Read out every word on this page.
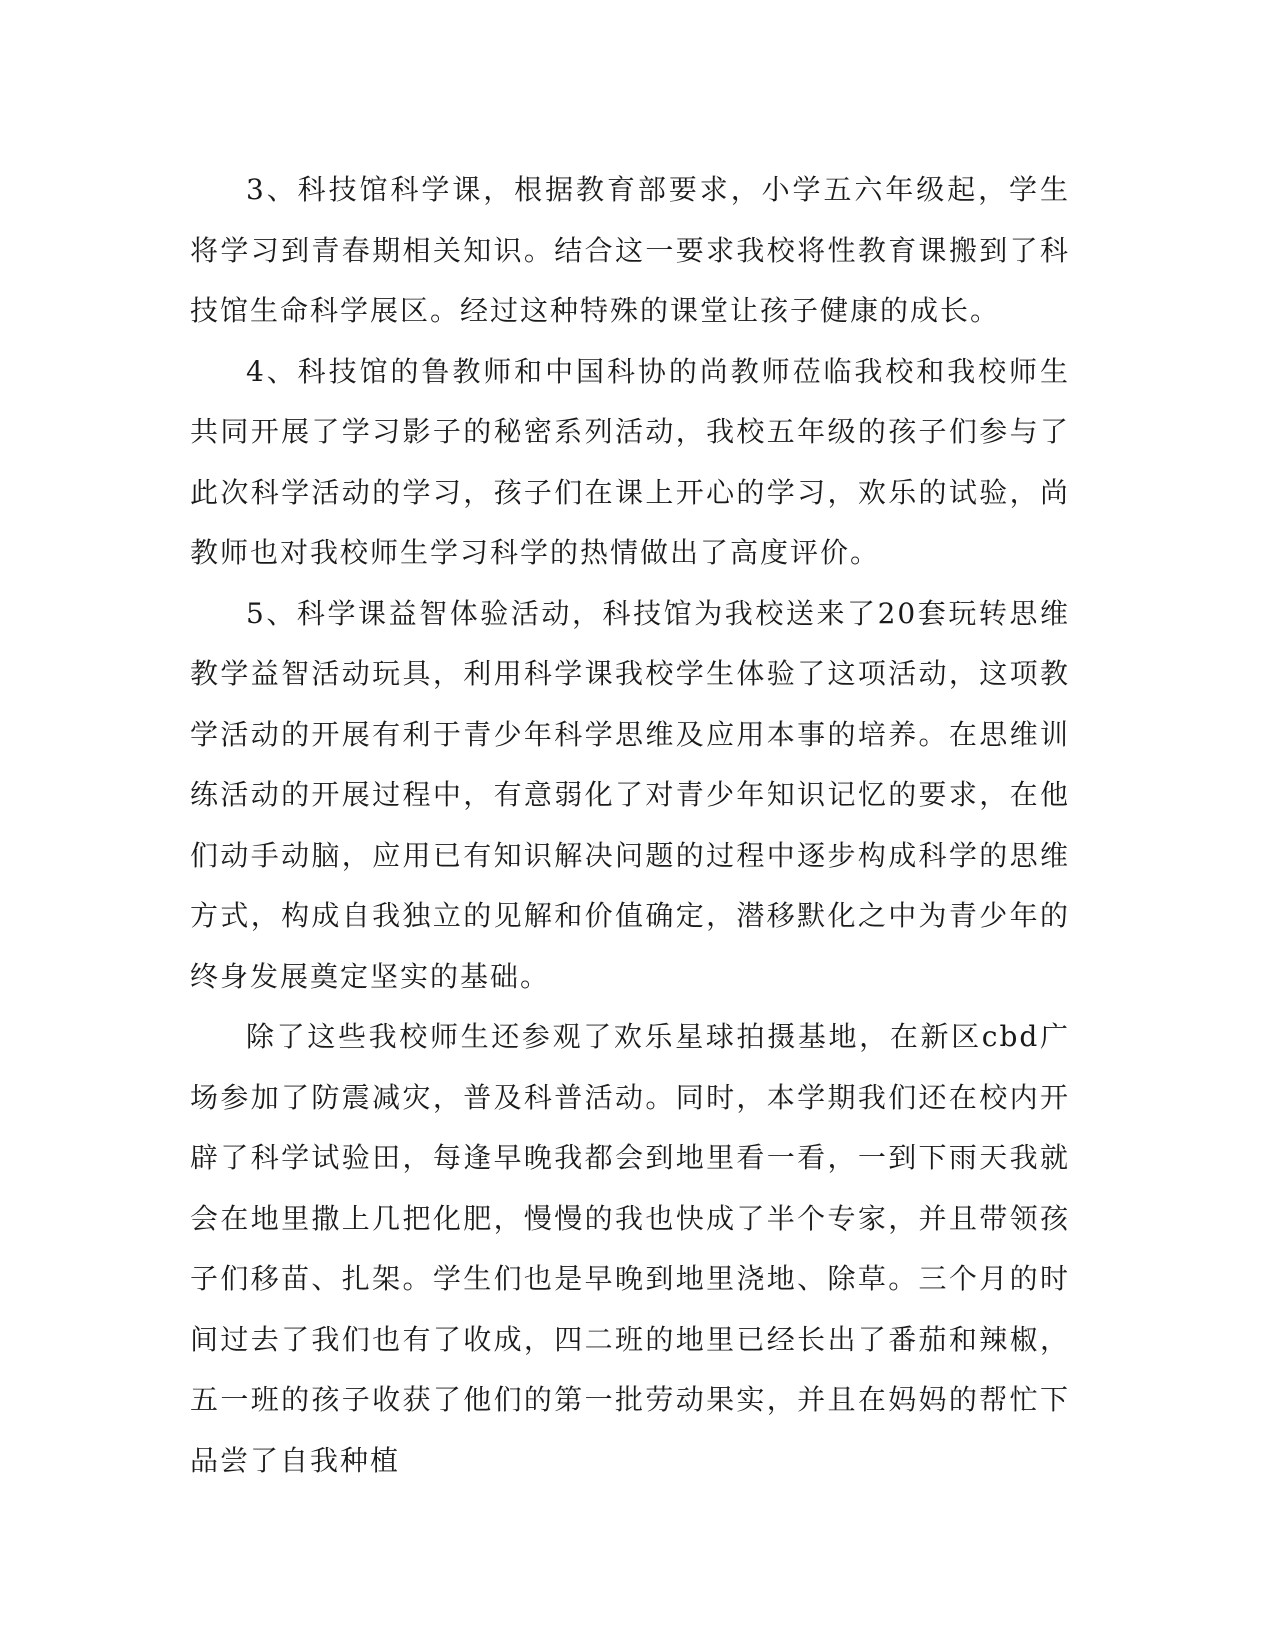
3、科技馆科学课，根据教育部要求，小学五六年级起，学生将学习到青春期相关知识。结合这一要求我校将性教育课搬到了科技馆生命科学展区。经过这种特殊的课堂让孩子健康的成长。

4、科技馆的鲁教师和中国科协的尚教师莅临我校和我校师生共同开展了学习影子的秘密系列活动，我校五年级的孩子们参与了此次科学活动的学习，孩子们在课上开心的学习，欢乐的试验，尚教师也对我校师生学习科学的热情做出了高度评价。

5、科学课益智体验活动，科技馆为我校送来了20套玩转思维教学益智活动玩具，利用科学课我校学生体验了这项活动，这项教学活动的开展有利于青少年科学思维及应用本事的培养。在思维训练活动的开展过程中，有意弱化了对青少年知识记忆的要求，在他们动手动脑，应用已有知识解决问题的过程中逐步构成科学的思维方式，构成自我独立的见解和价值确定，潜移默化之中为青少年的终身发展奠定坚实的基础。

除了这些我校师生还参观了欢乐星球拍摄基地，在新区cbd广场参加了防震减灾，普及科普活动。同时，本学期我们还在校内开辟了科学试验田，每逢早晚我都会到地里看一看，一到下雨天我就会在地里撒上几把化肥，慢慢的我也快成了半个专家，并且带领孩子们移苗、扎架。学生们也是早晚到地里浇地、除草。三个月的时间过去了我们也有了收成，四二班的地里已经长出了番茄和辣椒，五一班的孩子收获了他们的第一批劳动果实，并且在妈妈的帮忙下品尝了自我种植
